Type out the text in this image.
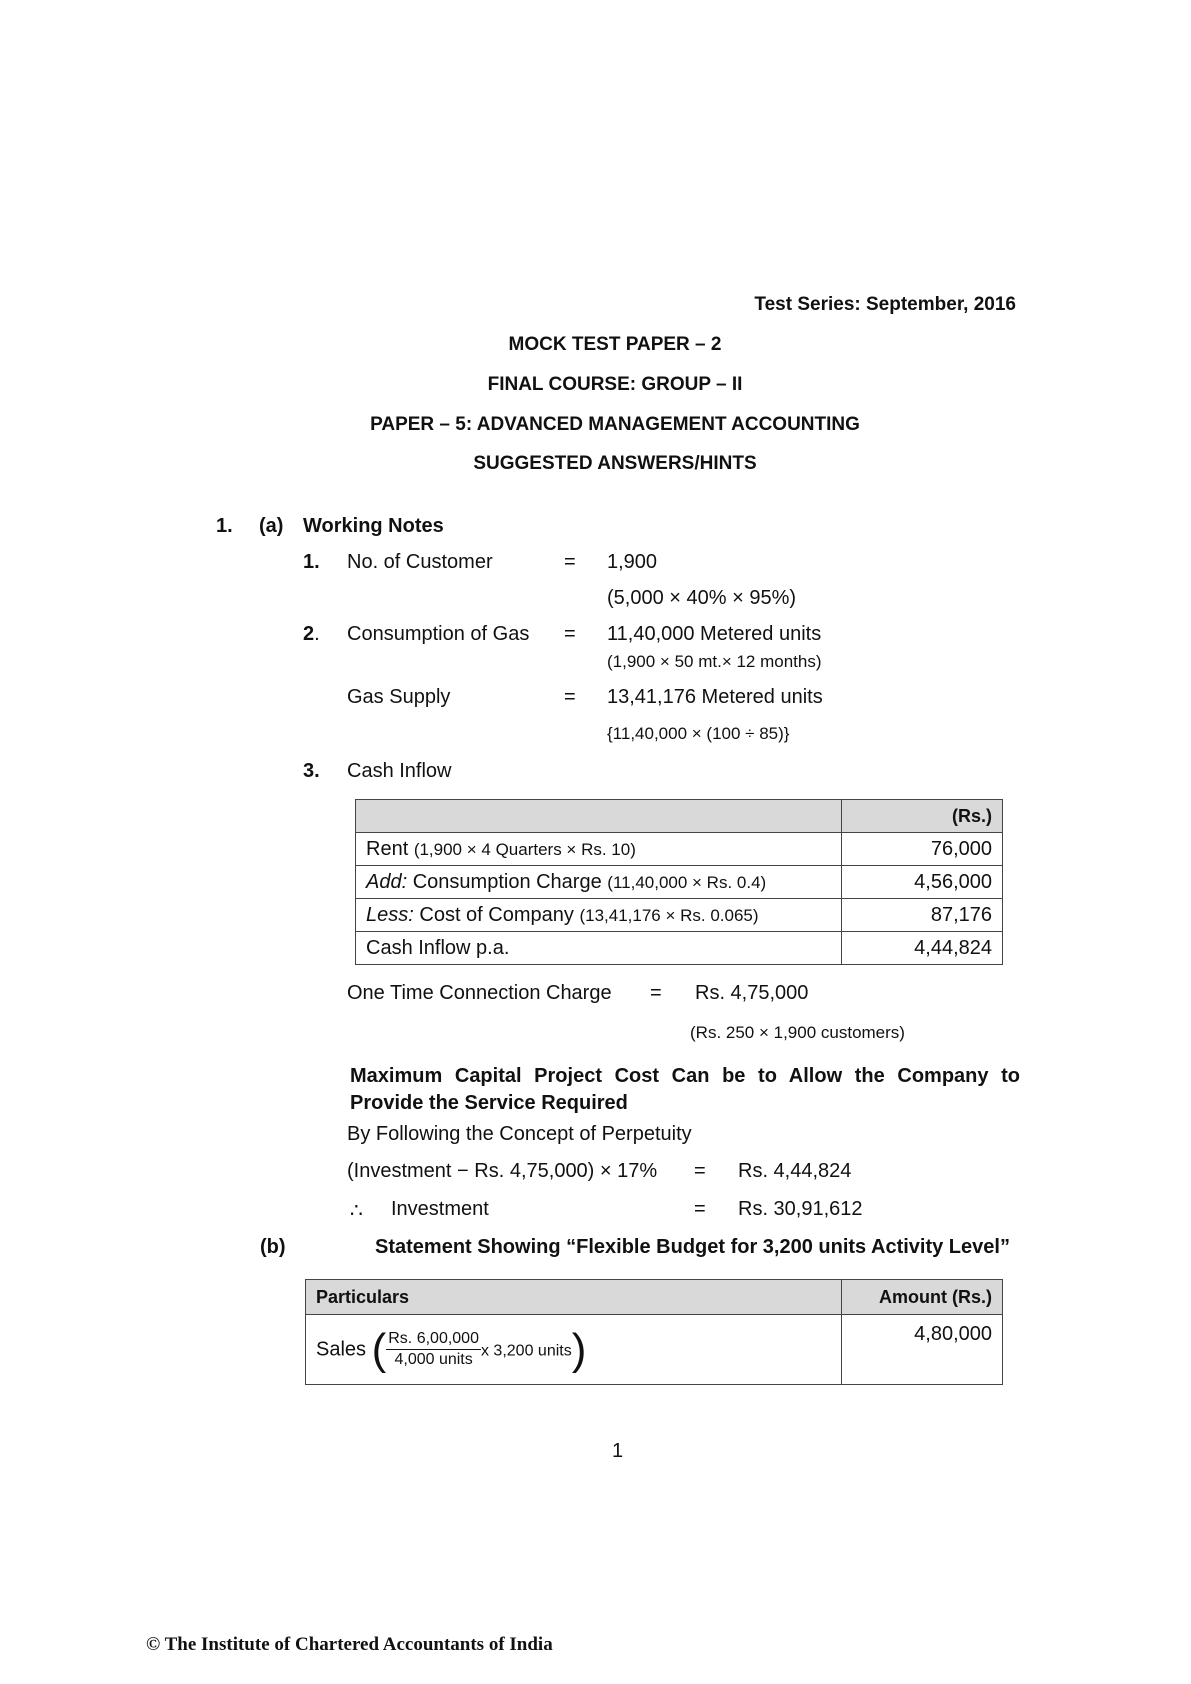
Test Series: September, 2016
MOCK TEST PAPER – 2
FINAL COURSE: GROUP – II
PAPER – 5: ADVANCED MANAGEMENT ACCOUNTING
SUGGESTED ANSWERS/HINTS
1. (a) Working Notes
1. No. of Customer	= 1,900
(5,000 × 40% × 95%)
2. Consumption of Gas = 11,40,000 Metered units
(1,900 × 50 mt.× 12 months)
Gas Supply	= 13,41,176 Metered units
{11,40,000 × (100 ÷ 85)}
3. Cash Inflow
	(Rs.)
Rent (1,900 × 4 Quarters × Rs. 10)	76,000
Add: Consumption Charge (11,40,000 × Rs. 0.4)	4,56,000
Less: Cost of Company (13,41,176 × Rs. 0.065)	87,176
Cash Inflow p.a.	4,44,824
One Time Connection Charge = Rs. 4,75,000
(Rs. 250 × 1,900 customers)
Maximum Capital Project Cost Can be to Allow the Company to Provide the Service Required
By Following the Concept of Perpetuity
(Investment − Rs. 4,75,000) × 17% = Rs. 4,44,824
∴ Investment	= Rs. 30,91,612
(b)	Statement Showing “Flexible Budget for 3,200 units Activity Level”
Particulars	Amount (Rs.)
Sales ( $\frac{Rs. 6,00,000}{\text{4,000 units}}$ x 3,200 units)	4,80,000
1
© The Institute of Chartered Accountants of India
